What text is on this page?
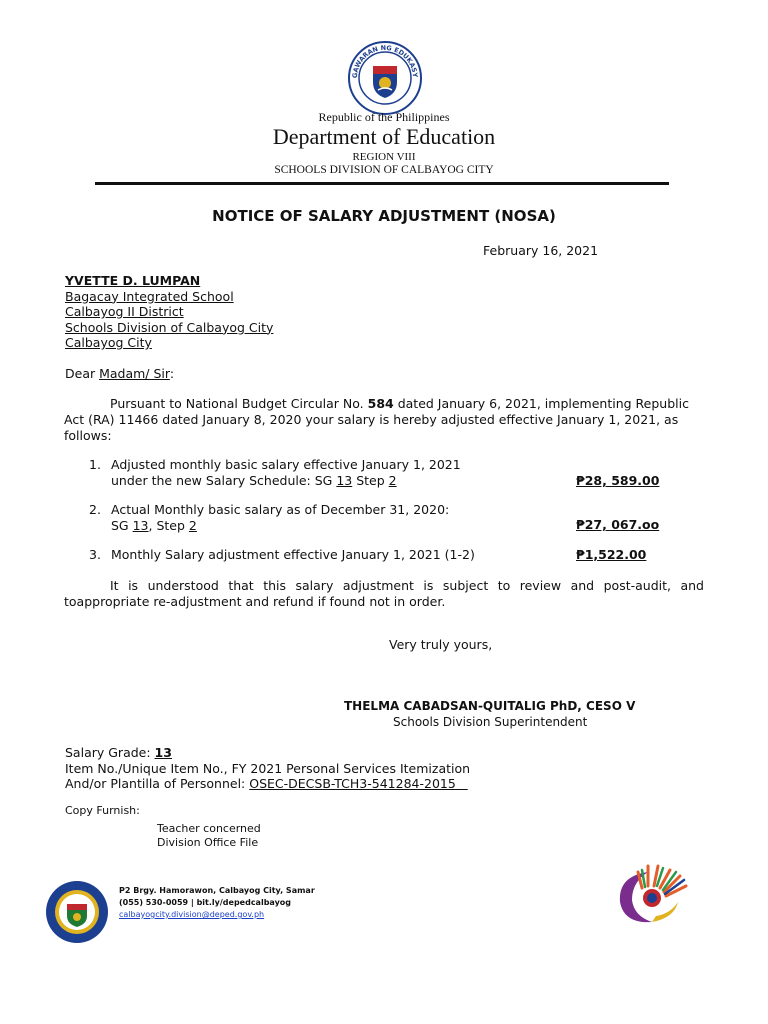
GAWARAN NG EDUKASY
Republic of the Philippines
Department of Education
REGION VIII
SCHOOLS DIVISION OF CALBAYOG CITY
NOTICE OF SALARY ADJUSTMENT (NOSA)
February 16, 2021
YVETTE D. LUMPAN
Bagacay Integrated School
Calbayog II District
Schools Division of Calbayog City
Calbayog City
Dear Madam/ Sir:
Pursuant to National Budget Circular No. 584 dated January 6, 2021, implementing Republic
Act (RA) 11466 dated January 8, 2020 your salary is hereby adjusted effective January 1, 2021, as
follows:
1. Adjusted monthly basic salary effective January 1, 2021
under the new Salary Schedule: SG 13 Step 2	₱28, 589.00
2. Actual Monthly basic salary as of December 31, 2020:
SG 13, Step 2	₱27, 067.oo
3. Monthly Salary adjustment effective January 1, 2021 (1-2)	₱1,522.00
It is understood that this salary adjustment is subject to review and post-audit, and
toappropriate re-adjustment and refund if found not in order.
Very truly yours,
THELMA CABADSAN-QUITALIG PhD, CESO V
Schools Division Superintendent
Salary Grade: 13
Item No./Unique Item No., FY 2021 Personal Services Itemization
And/or Plantilla of Personnel: OSEC-DECSB-TCH3-541284-2015
Copy Furnish:
Teacher concerned
Division Office File
P2 Brgy. Hamorawon, Calbayog City, Samar
(055) 530-0059 | bit.ly/depedcalbayog
calbayogcity.division@deped.gov.ph
